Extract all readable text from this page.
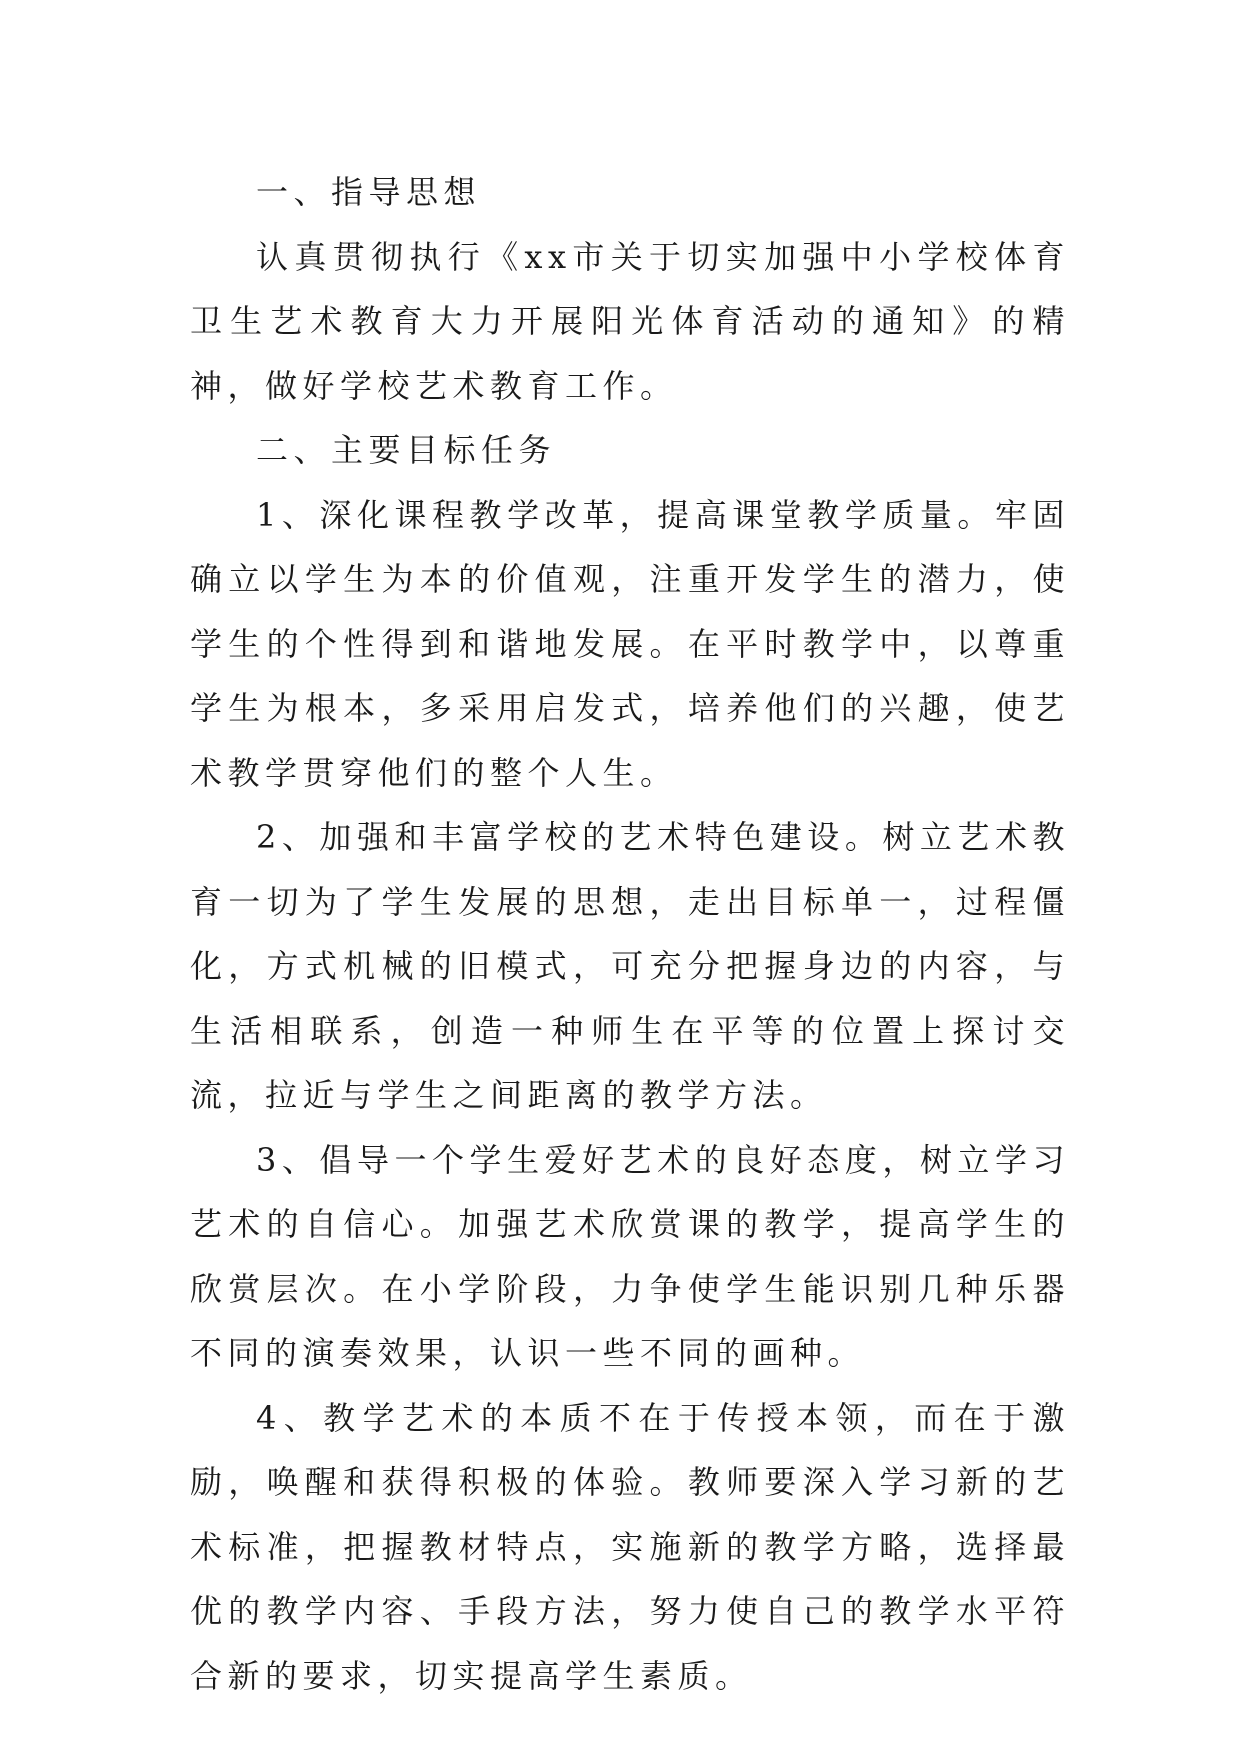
一、指导思想

认真贯彻执行《xx市关于切实加强中小学校体育卫生艺术教育大力开展阳光体育活动的通知》的精神，做好学校艺术教育工作。

二、主要目标任务

1、深化课程教学改革，提高课堂教学质量。牢固确立以学生为本的价值观，注重开发学生的潜力，使学生的个性得到和谐地发展。在平时教学中，以尊重学生为根本，多采用启发式，培养他们的兴趣，使艺术教学贯穿他们的整个人生。

2、加强和丰富学校的艺术特色建设。树立艺术教育一切为了学生发展的思想，走出目标单一，过程僵化，方式机械的旧模式，可充分把握身边的内容，与生活相联系，创造一种师生在平等的位置上探讨交流，拉近与学生之间距离的教学方法。

3、倡导一个学生爱好艺术的良好态度，树立学习艺术的自信心。加强艺术欣赏课的教学，提高学生的欣赏层次。在小学阶段，力争使学生能识别几种乐器不同的演奏效果，认识一些不同的画种。

4、教学艺术的本质不在于传授本领，而在于激励，唤醒和获得积极的体验。教师要深入学习新的艺术标准，把握教材特点，实施新的教学方略，选择最优的教学内容、手段方法，努力使自己的教学水平符合新的要求，切实提高学生素质。
